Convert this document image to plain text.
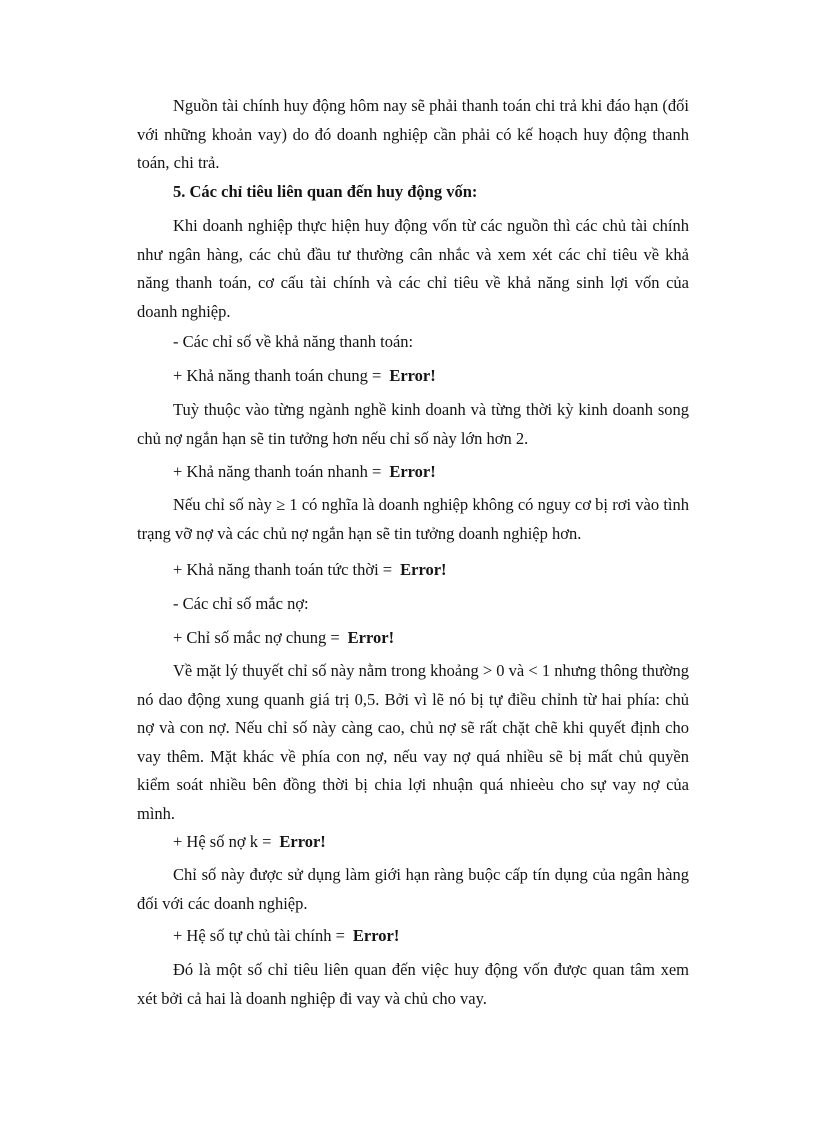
Nguồn tài chính huy động hôm nay sẽ phải thanh toán chi trả khi đáo hạn (đối với những khoản vay) do đó doanh nghiệp cần phải có kế hoạch huy động thanh toán, chi trả.

5. Các chỉ tiêu liên quan đến huy động vốn:

Khi doanh nghiệp thực hiện huy động vốn từ các nguồn thì các chủ tài chính như ngân hàng, các chủ đầu tư thường cân nhắc và xem xét các chỉ tiêu về khả năng thanh toán, cơ cấu tài chính và các chỉ tiêu về khả năng sinh lợi vốn của doanh nghiệp.

- Các chỉ số về khả năng thanh toán:

+ Khả năng thanh toán chung = Error!

Tuỳ thuộc vào từng ngành nghề kinh doanh và từng thời kỳ kinh doanh song chủ nợ ngắn hạn sẽ tin tưởng hơn nếu chỉ số này lớn hơn 2.

+ Khả năng thanh toán nhanh = Error!

Nếu chỉ số này ≥ 1 có nghĩa là doanh nghiệp không có nguy cơ bị rơi vào tình trạng vỡ nợ và các chủ nợ ngắn hạn sẽ tin tưởng doanh nghiệp hơn.

+ Khả năng thanh toán tức thời = Error!

- Các chỉ số mắc nợ:

+ Chỉ số mắc nợ chung = Error!

Về mặt lý thuyết chỉ số này nằm trong khoảng > 0 và < 1 nhưng thông thường nó dao động xung quanh giá trị 0,5. Bởi vì lẽ nó bị tự điều chỉnh từ hai phía: chủ nợ và con nợ. Nếu chỉ số này càng cao, chủ nợ sẽ rất chặt chẽ khi quyết định cho vay thêm. Mặt khác về phía con nợ, nếu vay nợ quá nhiều sẽ bị mất chủ quyền kiểm soát nhiều bên đồng thời bị chia lợi nhuận quá nhieèu cho sự vay nợ của mình.

+ Hệ số nợ k = Error!

Chỉ số này được sử dụng làm giới hạn ràng buộc cấp tín dụng của ngân hàng đối với các doanh nghiệp.

+ Hệ số tự chủ tài chính = Error!

Đó là một số chỉ tiêu liên quan đến việc huy động vốn được quan tâm xem xét bởi cả hai là doanh nghiệp đi vay và chủ cho vay.
